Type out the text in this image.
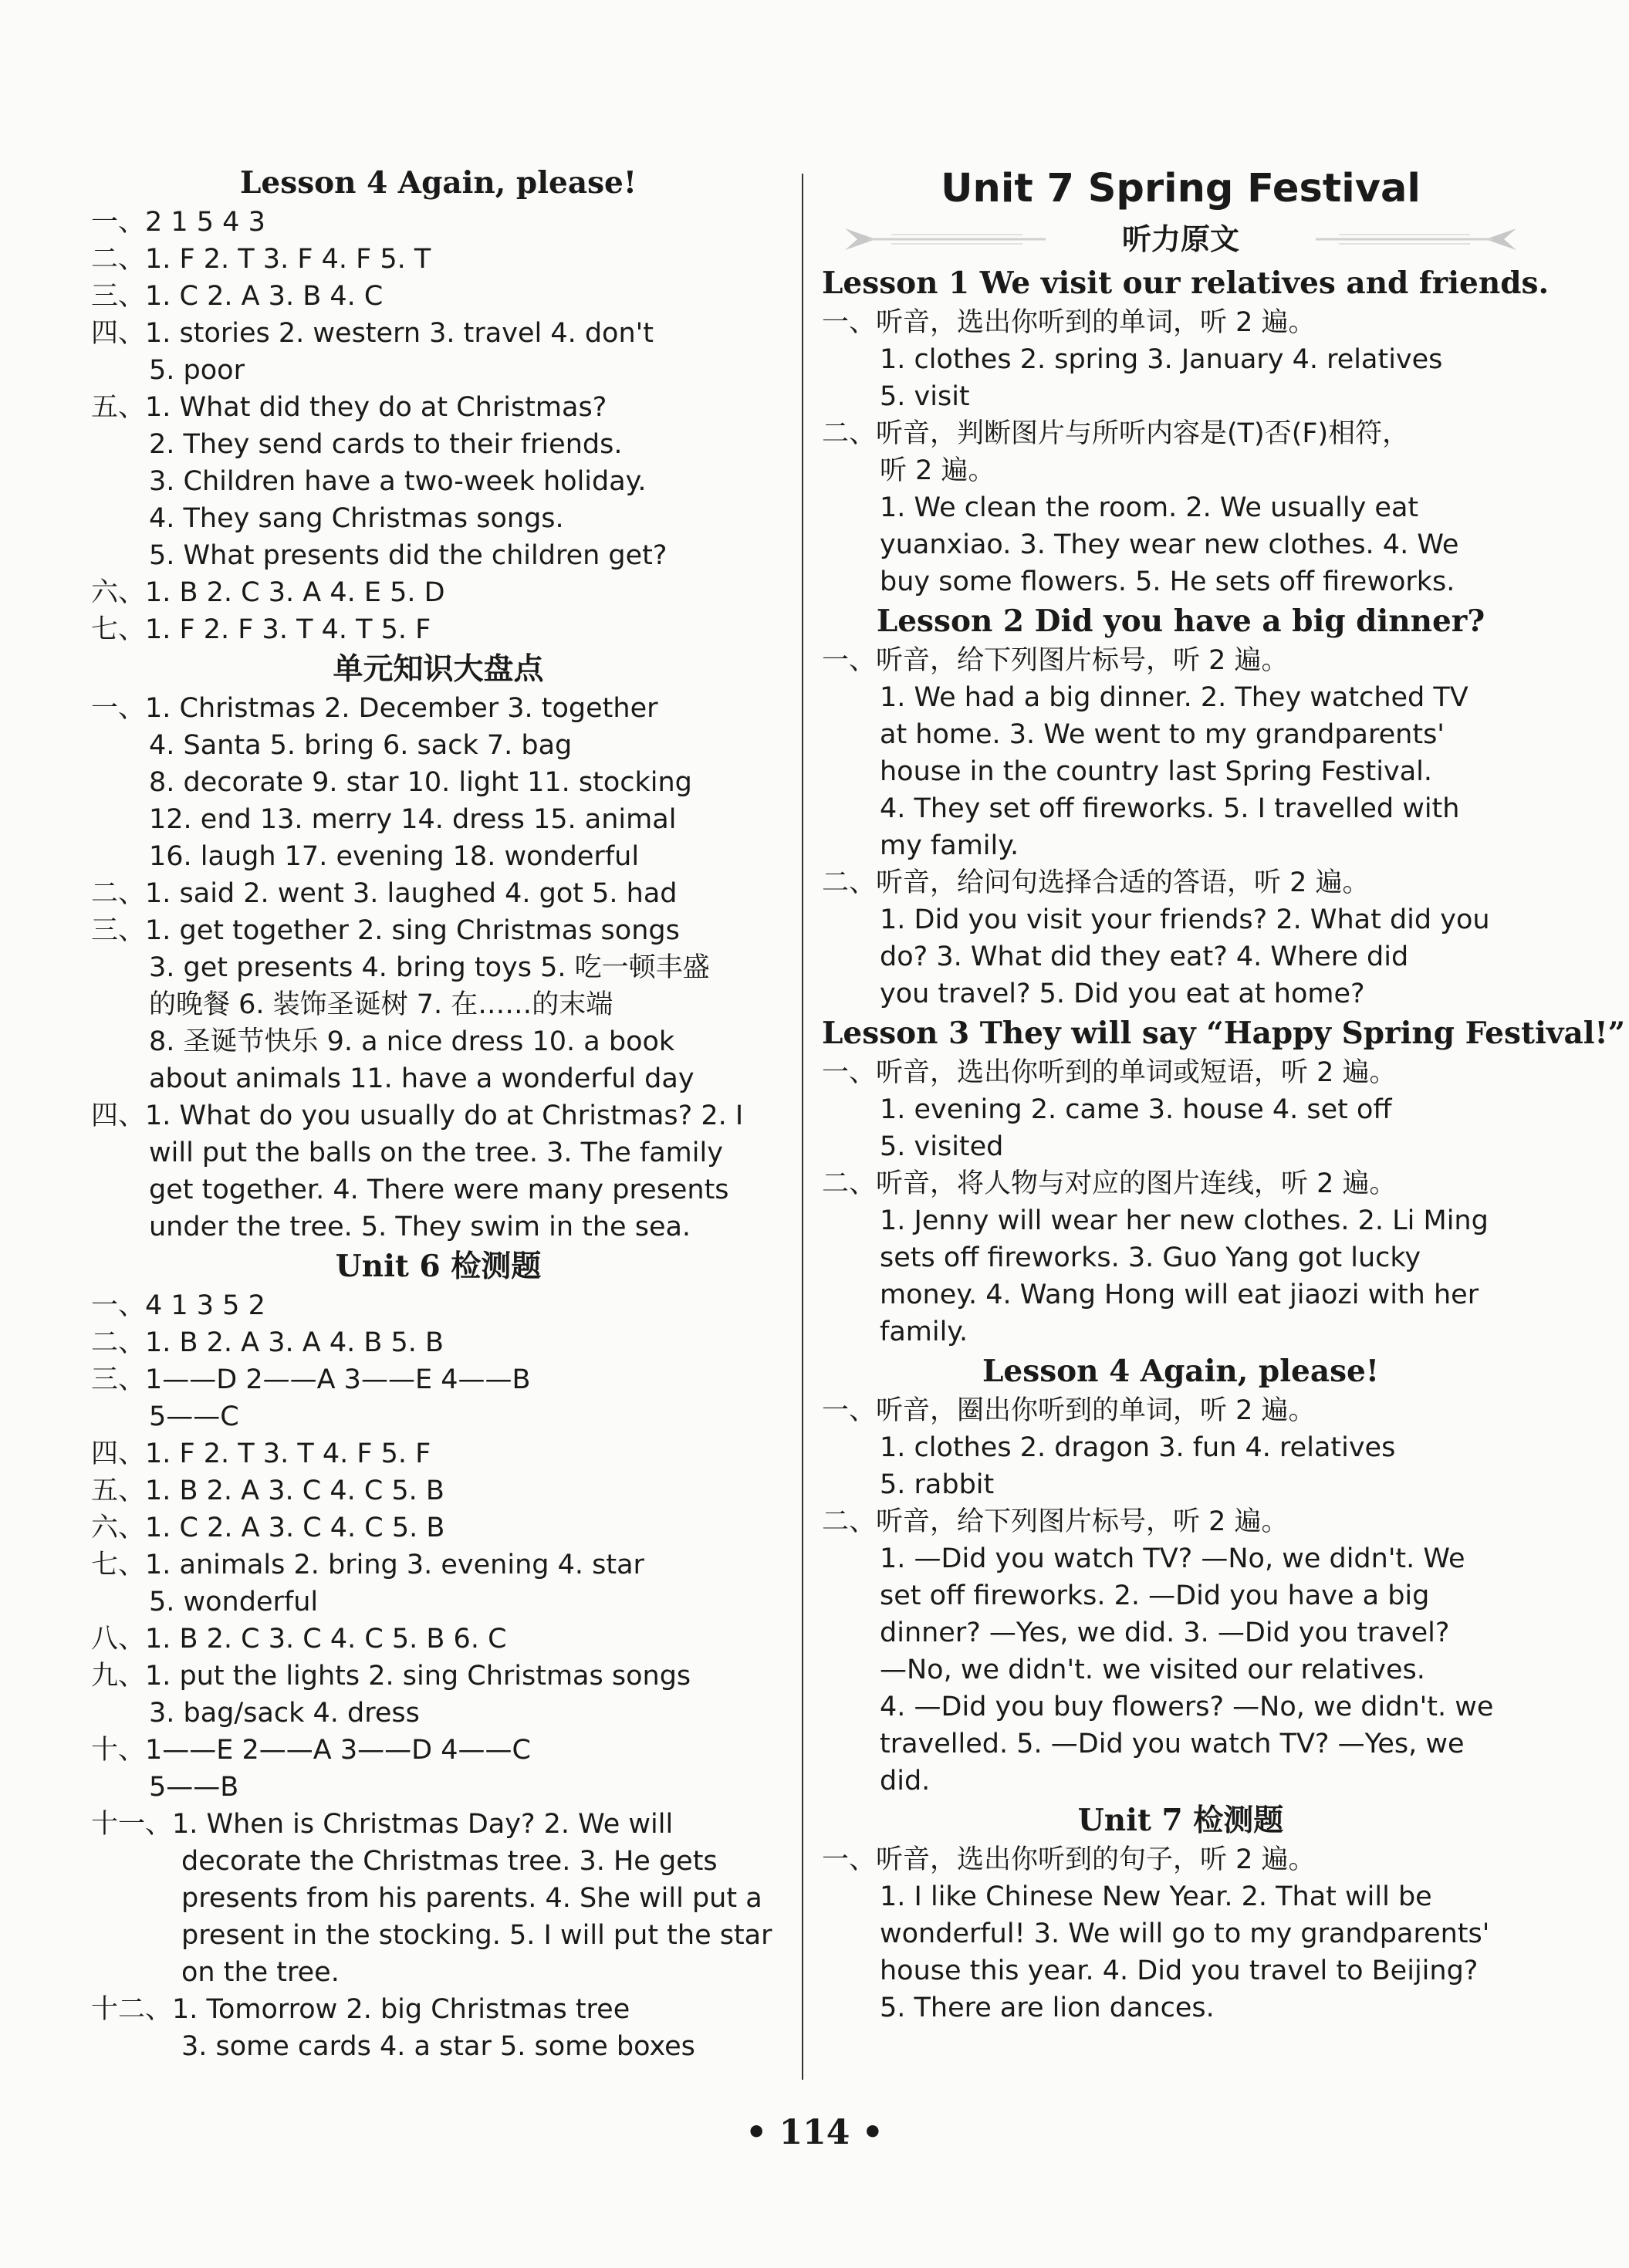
Lesson 4 Again, please!
一、2 1 5 4 3
二、1. F 2. T 3. F 4. F 5. T
三、1. C 2. A 3. B 4. C
四、1. stories 2. western 3. travel 4. don't
5. poor
五、1. What did they do at Christmas?
2. They send cards to their friends.
3. Children have a two-week holiday.
4. They sang Christmas songs.
5. What presents did the children get?
六、1. B 2. C 3. A 4. E 5. D
七、1. F 2. F 3. T 4. T 5. F
单元知识大盘点
一、1. Christmas 2. December 3. together
4. Santa 5. bring 6. sack 7. bag
8. decorate 9. star 10. light 11. stocking
12. end 13. merry 14. dress 15. animal
16. laugh 17. evening 18. wonderful
二、1. said 2. went 3. laughed 4. got 5. had
三、1. get together 2. sing Christmas songs
3. get presents 4. bring toys 5. 吃一顿丰盛
的晚餐 6. 装饰圣诞树 7. 在……的末端
8. 圣诞节快乐 9. a nice dress 10. a book
about animals 11. have a wonderful day
四、1. What do you usually do at Christmas? 2. I
will put the balls on the tree. 3. The family
get together. 4. There were many presents
under the tree. 5. They swim in the sea.
Unit 6 检测题
一、4 1 3 5 2
二、1. B 2. A 3. A 4. B 5. B
三、1——D 2——A 3——E 4——B
5——C
四、1. F 2. T 3. T 4. F 5. F
五、1. B 2. A 3. C 4. C 5. B
六、1. C 2. A 3. C 4. C 5. B
七、1. animals 2. bring 3. evening 4. star
5. wonderful
八、1. B 2. C 3. C 4. C 5. B 6. C
九、1. put the lights 2. sing Christmas songs
3. bag/sack 4. dress
十、1——E 2——A 3——D 4——C
5——B
十一、1. When is Christmas Day? 2. We will
decorate the Christmas tree. 3. He gets
presents from his parents. 4. She will put a
present in the stocking. 5. I will put the star
on the tree.
十二、1. Tomorrow 2. big Christmas tree
3. some cards 4. a star 5. some boxes
Unit 7 Spring Festival
听力原文
Lesson 1 We visit our relatives and friends.
一、听音，选出你听到的单词，听 2 遍。
1. clothes 2. spring 3. January 4. relatives
5. visit
二、听音，判断图片与所听内容是(T)否(F)相符，
听 2 遍。
1. We clean the room. 2. We usually eat
yuanxiao. 3. They wear new clothes. 4. We
buy some flowers. 5. He sets off fireworks.
Lesson 2 Did you have a big dinner?
一、听音，给下列图片标号，听 2 遍。
1. We had a big dinner. 2. They watched TV
at home. 3. We went to my grandparents'
house in the country last Spring Festival.
4. They set off fireworks. 5. I travelled with
my family.
二、听音，给问句选择合适的答语，听 2 遍。
1. Did you visit your friends? 2. What did you
do? 3. What did they eat? 4. Where did
you travel? 5. Did you eat at home?
Lesson 3 They will say “Happy Spring Festival!”
一、听音，选出你听到的单词或短语，听 2 遍。
1. evening 2. came 3. house 4. set off
5. visited
二、听音，将人物与对应的图片连线，听 2 遍。
1. Jenny will wear her new clothes. 2. Li Ming
sets off fireworks. 3. Guo Yang got lucky
money. 4. Wang Hong will eat jiaozi with her
family.
Lesson 4 Again, please!
一、听音，圈出你听到的单词，听 2 遍。
1. clothes 2. dragon 3. fun 4. relatives
5. rabbit
二、听音，给下列图片标号，听 2 遍。
1. —Did you watch TV? —No, we didn't. We
set off fireworks. 2. —Did you have a big
dinner? —Yes, we did. 3. —Did you travel?
—No, we didn't. we visited our relatives.
4. —Did you buy flowers? —No, we didn't. we
travelled. 5. —Did you watch TV? —Yes, we
did.
Unit 7 检测题
一、听音，选出你听到的句子，听 2 遍。
1. I like Chinese New Year. 2. That will be
wonderful! 3. We will go to my grandparents'
house this year. 4. Did you travel to Beijing?
5. There are lion dances.
• 114 •
